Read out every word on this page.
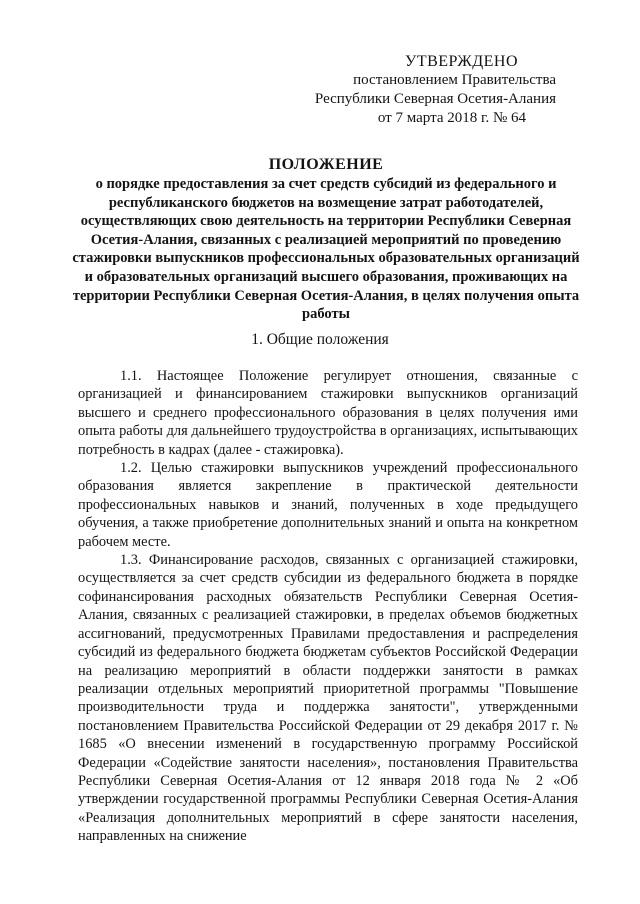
УТВЕРЖДЕНО
постановлением Правительства
Республики Северная Осетия-Алания
от 7 марта 2018 г. № 64
ПОЛОЖЕНИЕ
о порядке предоставления за счет средств субсидий из федерального и республиканского бюджетов на возмещение затрат работодателей, осуществляющих свою деятельность на территории Республики Северная Осетия-Алания, связанных с реализацией мероприятий по проведению стажировки выпускников профессиональных образовательных организаций и образовательных организаций высшего образования, проживающих на территории Республики Северная Осетия-Алания, в целях получения опыта работы
1. Общие положения

1.1. Настоящее Положение регулирует отношения, связанные с организацией и финансированием стажировки выпускников организаций высшего и среднего профессионального образования в целях получения ими опыта работы для дальнейшего трудоустройства в организациях, испытывающих потребность в кадрах (далее - стажировка).

1.2. Целью стажировки выпускников учреждений профессионального образования является закрепление в практической деятельности профессиональных навыков и знаний, полученных в ходе предыдущего обучения, а также приобретение дополнительных знаний и опыта на конкретном рабочем месте.

1.3. Финансирование расходов, связанных с организацией стажировки, осуществляется за счет средств субсидии из федерального бюджета в порядке софинансирования расходных обязательств Республики Северная Осетия-Алания, связанных с реализацией стажировки, в пределах объемов бюджетных ассигнований, предусмотренных Правилами предоставления и распределения субсидий из федерального бюджета бюджетам субъектов Российской Федерации на реализацию мероприятий в области поддержки занятости в рамках реализации отдельных мероприятий приоритетной программы "Повышение производительности труда и поддержка занятости", утвержденными постановлением Правительства Российской Федерации от 29 декабря 2017 г. № 1685 «О внесении изменений в государственную программу Российской Федерации «Содействие занятости населения», постановления Правительства Республики Северная Осетия-Алания от 12 января 2018 года № 2 «Об утверждении государственной программы Республики Северная Осетия-Алания «Реализация дополнительных мероприятий в сфере занятости населения, направленных на снижение
